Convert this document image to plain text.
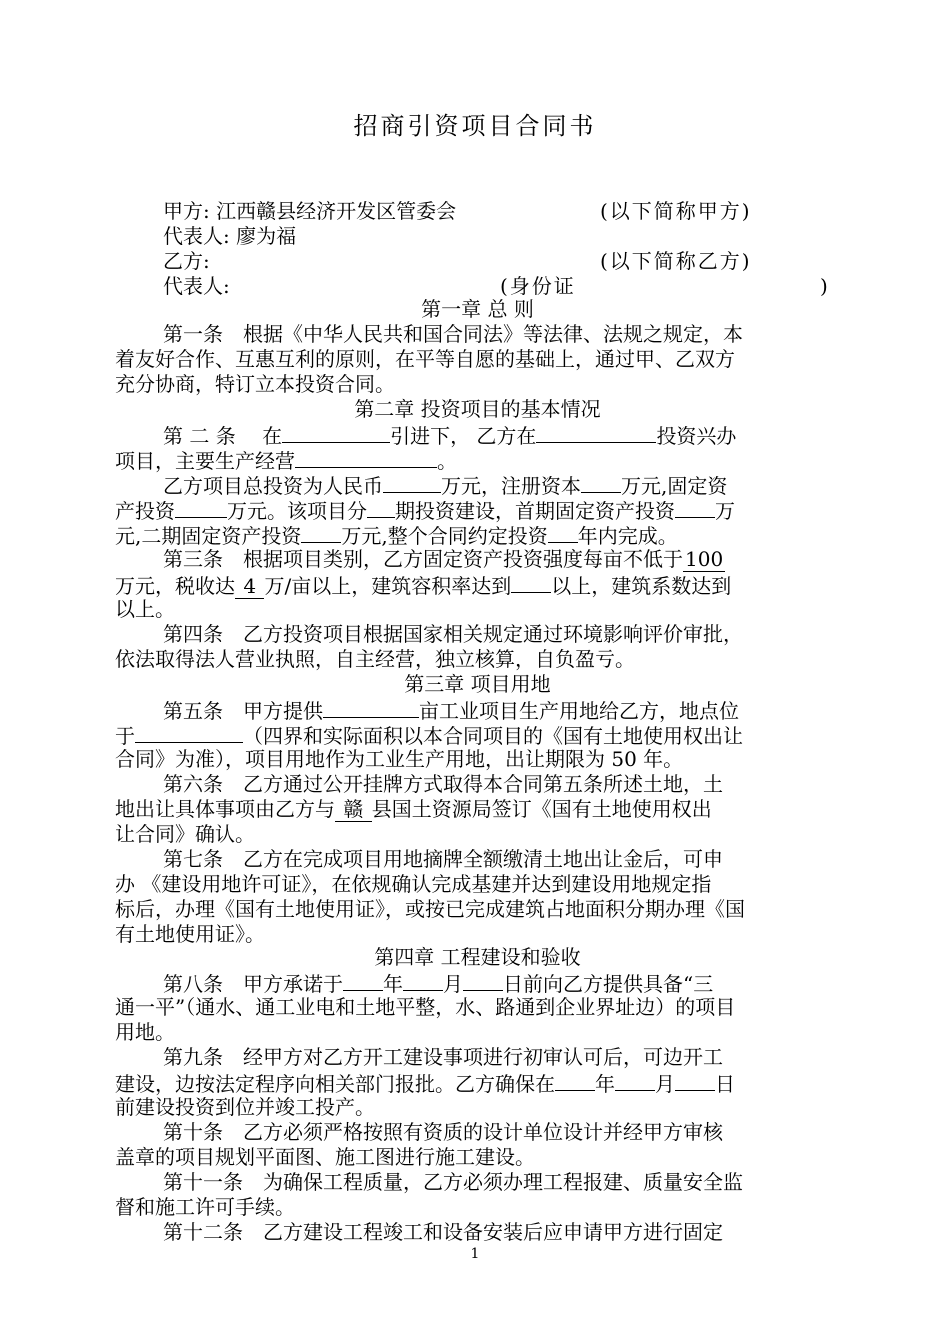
招商引资项目合同书
甲方: 江西赣县经济开发区管委会	(以下简称甲方)
代表人: 廖为福
乙方:	(以下简称乙方)
代表人:	(身份证	)
第一章 总 则
第一条　根据《中华人民共和国合同法》等法律、法规之规定，本
着友好合作、互惠互利的原则，在平等自愿的基础上，通过甲、乙双方
充分协商，特订立本投资合同。
第二章 投资项目的基本情况
第 二 条　 在	引进下， 乙方在	投资兴办
项目，主要生产经营	。
乙方项目总投资为人民币	万元，注册资本 万元,固定资
产投资	万元。该项目分 期投资建设，首期固定资产投资 万
元,二期固定资产投资 万元,整个合同约定投资 年内完成。
第三条　根据项目类别，乙方固定资产投资强度每亩不低于 100
万元，税收达 4 万/亩以上，建筑容积率达到 以上，建筑系数达到
以上。
第四条　乙方投资项目根据国家相关规定通过环境影响评价审批，
依法取得法人营业执照，自主经营，独立核算，自负盈亏。
第三章 项目用地
第五条　甲方提供	亩工业项目生产用地给乙方，地点位
于	（四界和实际面积以本合同项目的《国有土地使用权出让
合同》为准），项目用地作为工业生产用地，出让期限为 50 年。
第六条　乙方通过公开挂牌方式取得本合同第五条所述土地，土
地出让具体事项由乙方与 赣 县国土资源局签订《国有土地使用权出
让合同》确认。
第七条　乙方在完成项目用地摘牌全额缴清土地出让金后，可申
办 《建设用地许可证》，在依规确认完成基建并达到建设用地规定指
标后，办理《国有土地使用证》，或按已完成建筑占地面积分期办理《国
有土地使用证》。
第四章 工程建设和验收
第八条　甲方承诺于 年 月 日前向乙方提供具备“三
通一平”（通水、通工业电和土地平整，水、路通到企业界址边）的项目
用地。
第九条　经甲方对乙方开工建设事项进行初审认可后，可边开工
建设，边按法定程序向相关部门报批。乙方确保在 年 月 日
前建设投资到位并竣工投产。
第十条　乙方必须严格按照有资质的设计单位设计并经甲方审核
盖章的项目规划平面图、施工图进行施工建设。
第十一条　为确保工程质量，乙方必须办理工程报建、质量安全监
督和施工许可手续。
第十二条　乙方建设工程竣工和设备安装后应申请甲方进行固定
1
